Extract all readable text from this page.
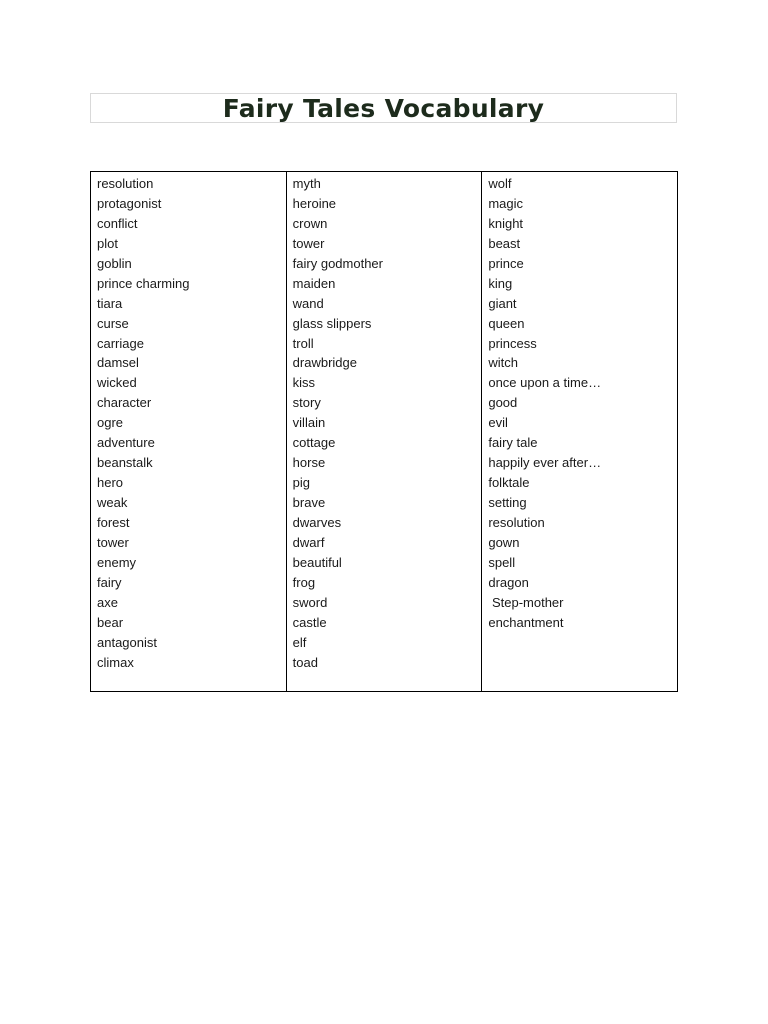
Fairy Tales Vocabulary
resolution
protagonist
conflict
plot
goblin
prince charming
tiara
curse
carriage
damsel
wicked
character
ogre
adventure
beanstalk
hero
weak
forest
tower
enemy
fairy
axe
bear
antagonist
climax
myth
heroine
crown
tower
fairy godmother
maiden
wand
glass slippers
troll
drawbridge
kiss
story
villain
cottage
horse
pig
brave
dwarves
dwarf
beautiful
frog
sword
castle
elf
toad
wolf
magic
knight
beast
prince
king
giant
queen
princess
witch
once upon a time…
good
evil
fairy tale
happily ever after…
folktale
setting
resolution
gown
spell
dragon
Step-mother
enchantment
